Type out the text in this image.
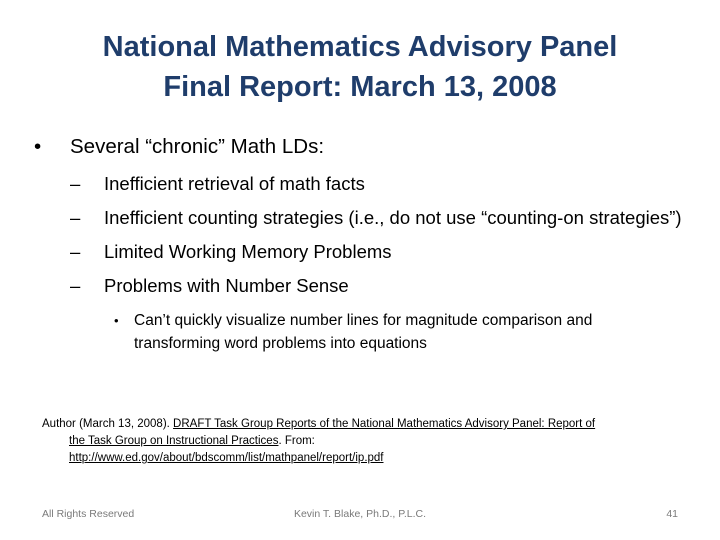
National Mathematics Advisory Panel
Final Report: March 13, 2008
• Several “chronic” Math LDs:
– Inefficient retrieval of math facts
– Inefficient counting strategies (i.e., do not use “counting-on strategies”)
– Limited Working Memory Problems
– Problems with Number Sense
• Can’t quickly visualize number lines for magnitude comparison and transforming word problems into equations
Author (March 13, 2008). DRAFT Task Group Reports of the National Mathematics Advisory Panel: Report of
the Task Group on Instructional Practices. From:
http://www.ed.gov/about/bdscomm/list/mathpanel/report/ip.pdf
All Rights Reserved	Kevin T. Blake, Ph.D., P.L.C.	41
